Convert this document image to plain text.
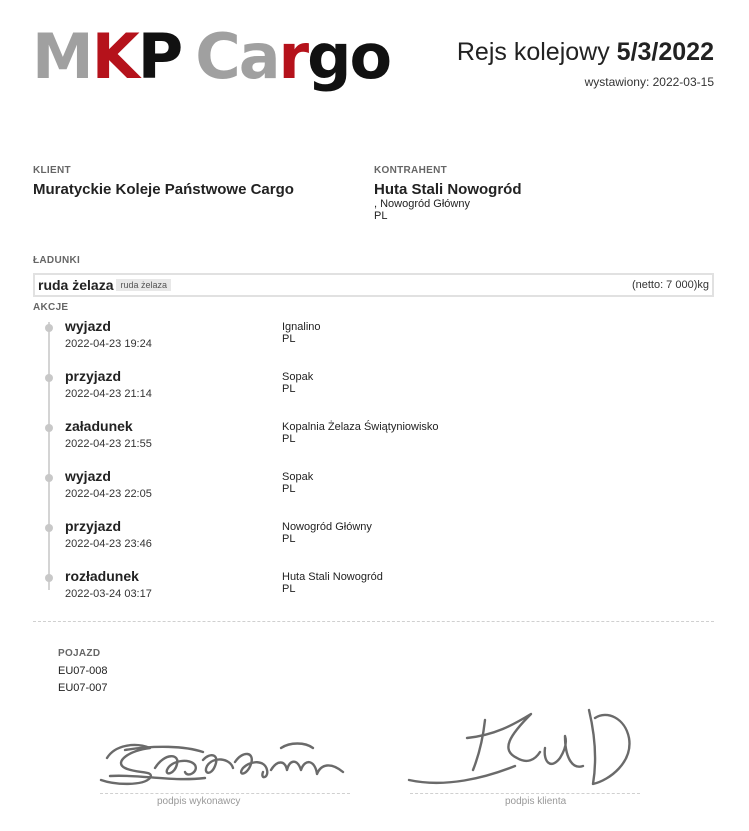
MKP Cargo	Rejs kolejowy 5/3/2022
wystawiony: 2022-03-15
KLIENT
Muratyckie Koleje Państwowe Cargo
KONTRAHENT
Huta Stali Nowogród
, Nowogród Główny
PL
ŁADUNKI
ruda żelaza ruda żelaza	(netto: 7 000)kg
AKCJE
wyjazd
2022-04-23 19:24
Ignalino
PL
przyjazd
2022-04-23 21:14
Sopak
PL
załadunek
2022-04-23 21:55
Kopalnia Żelaza Świątyniowisko
PL
wyjazd
2022-04-23 22:05
Sopak
PL
przyjazd
2022-04-23 23:46
Nowogród Główny
PL
rozładunek
2022-03-24 03:17
Huta Stali Nowogród
PL
POJAZD
EU07-008
EU07-007
podpis wykonawcy	podpis klienta
